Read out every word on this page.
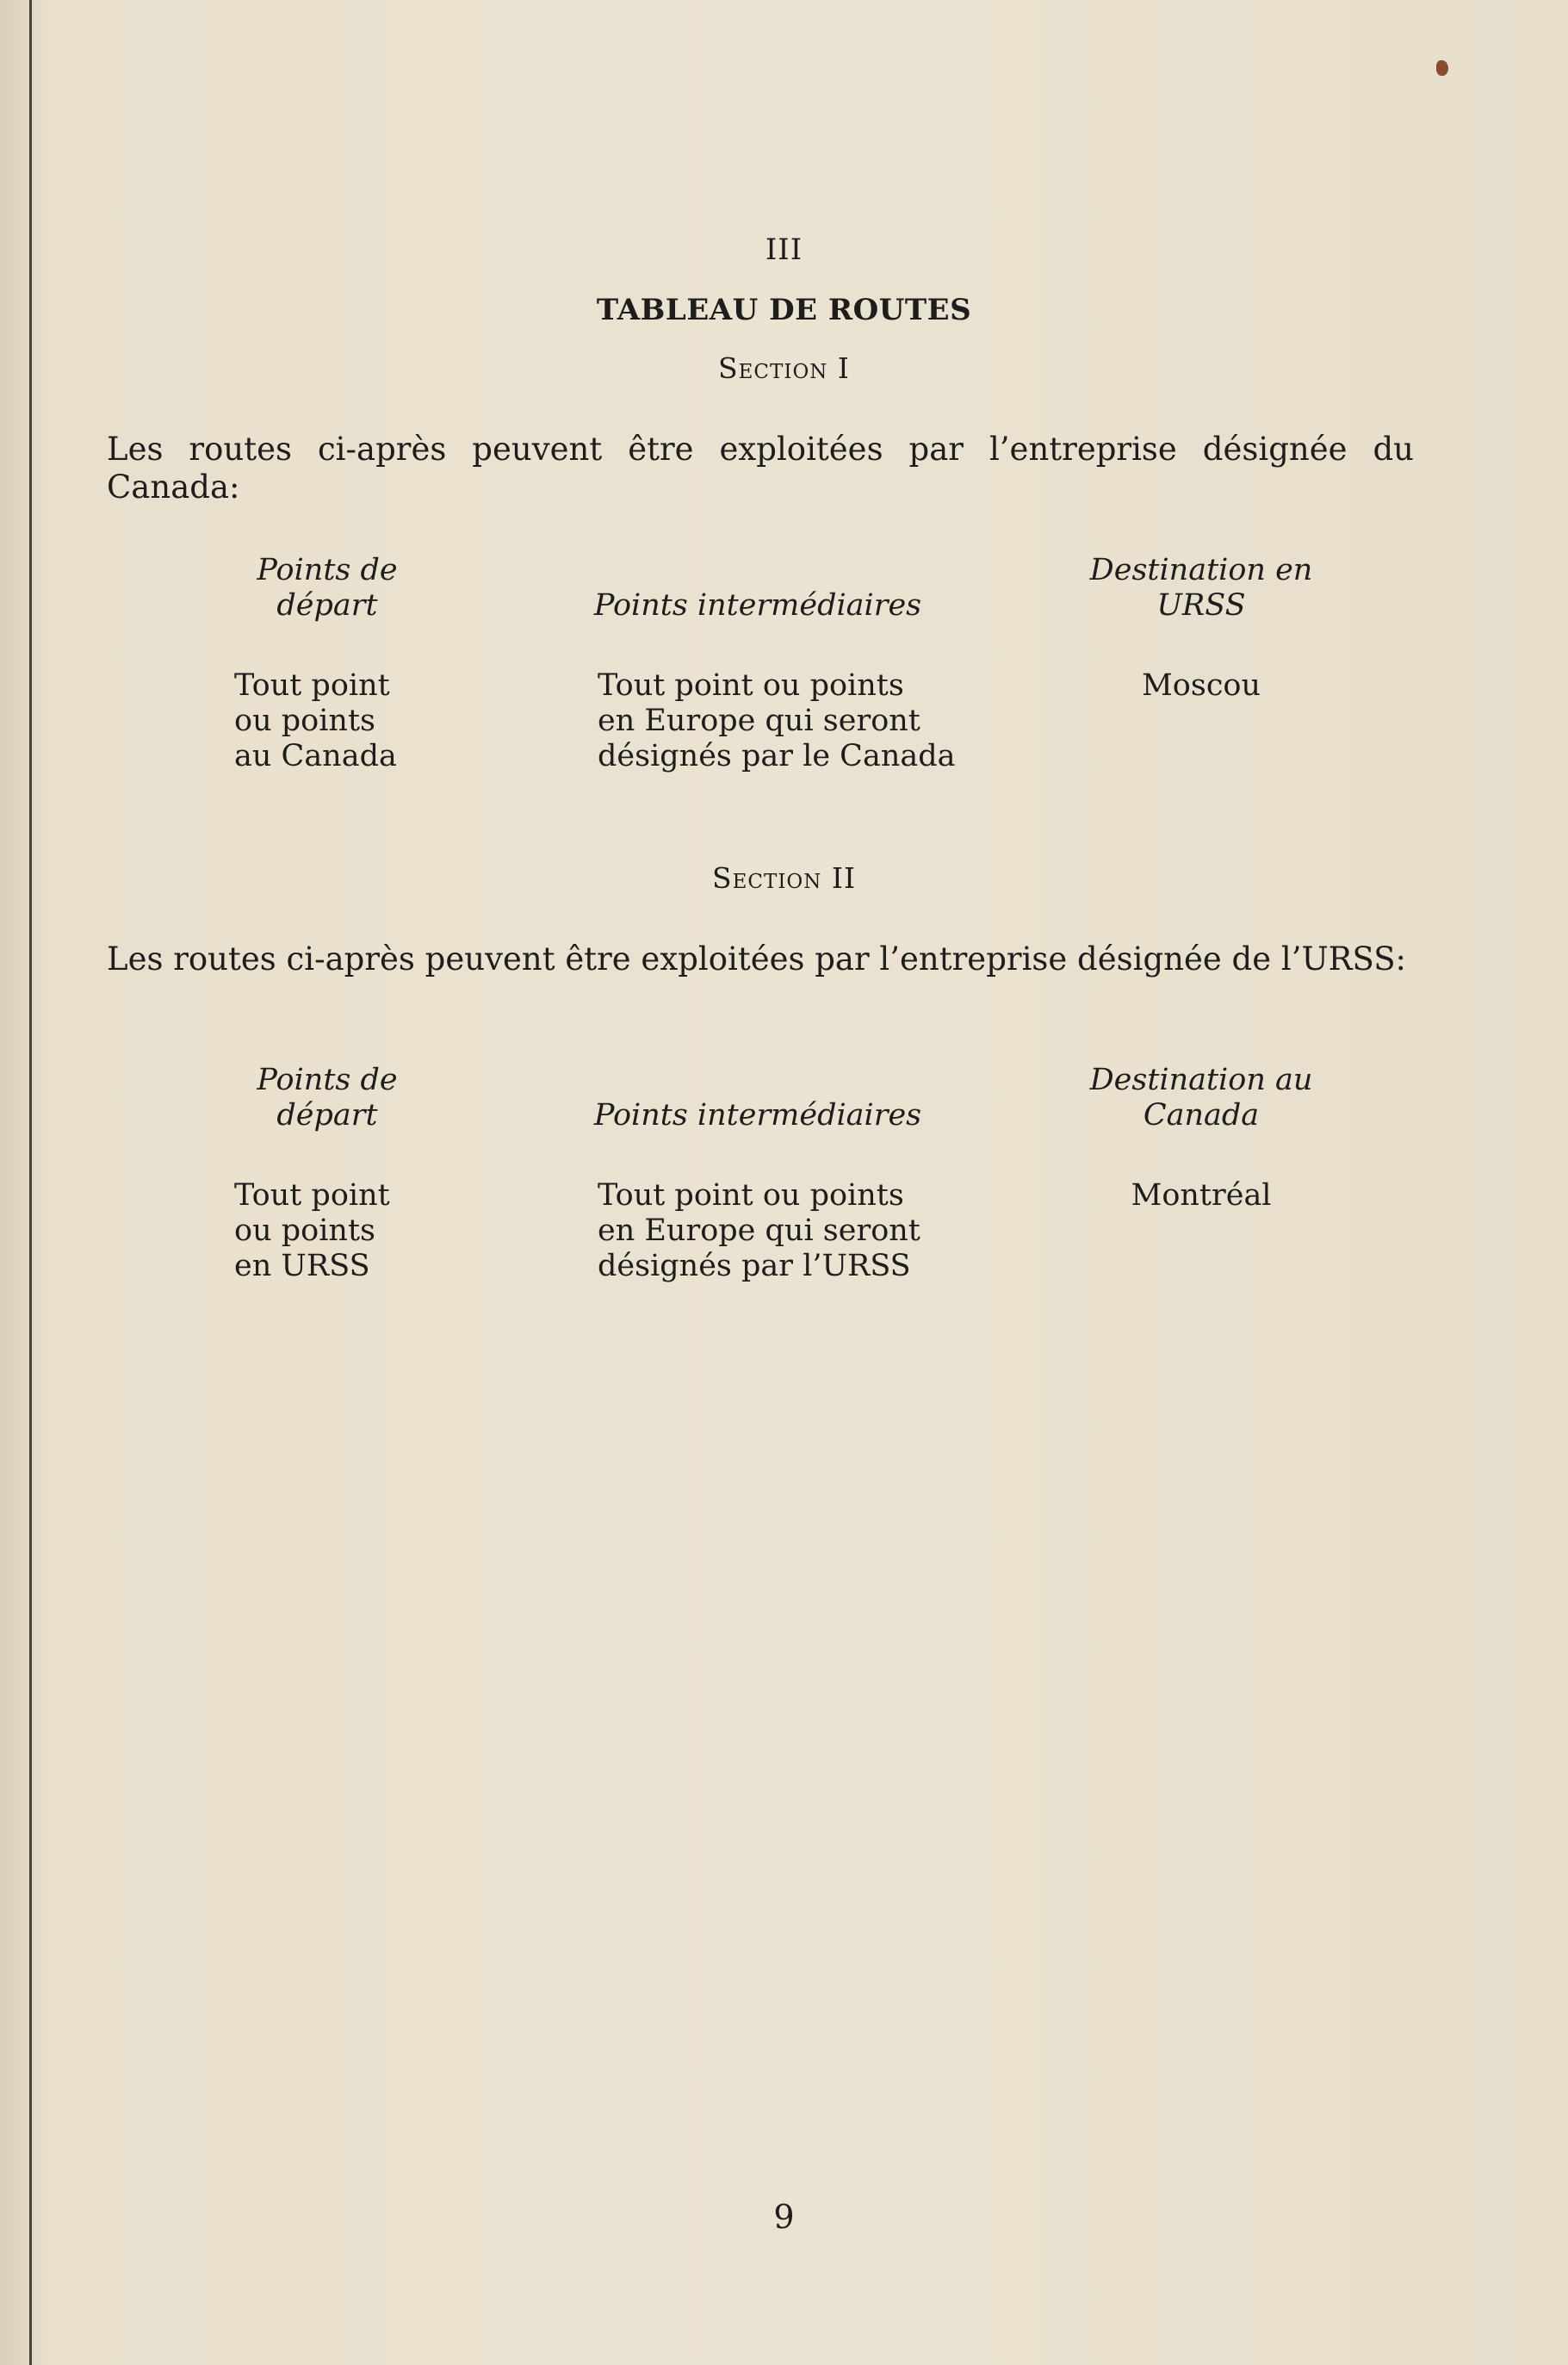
III
TABLEAU DE ROUTES
Section I
Les routes ci-après peuvent être exploitées par l’entreprise désignée du Canada:
Points de
départ	Points intermédiaires
Destination en
URSS
Tout point
ou points
au Canada
Tout point ou points
en Europe qui seront
désignés par le Canada
Moscou
Section II
Les routes ci-après peuvent être exploitées par l’entreprise désignée de l’URSS:
Points de
départ	Points intermédiaires
Destination au
Canada
Tout point
ou points
en URSS
Tout point ou points
en Europe qui seront
désignés par l’URSS
Montréal
9
